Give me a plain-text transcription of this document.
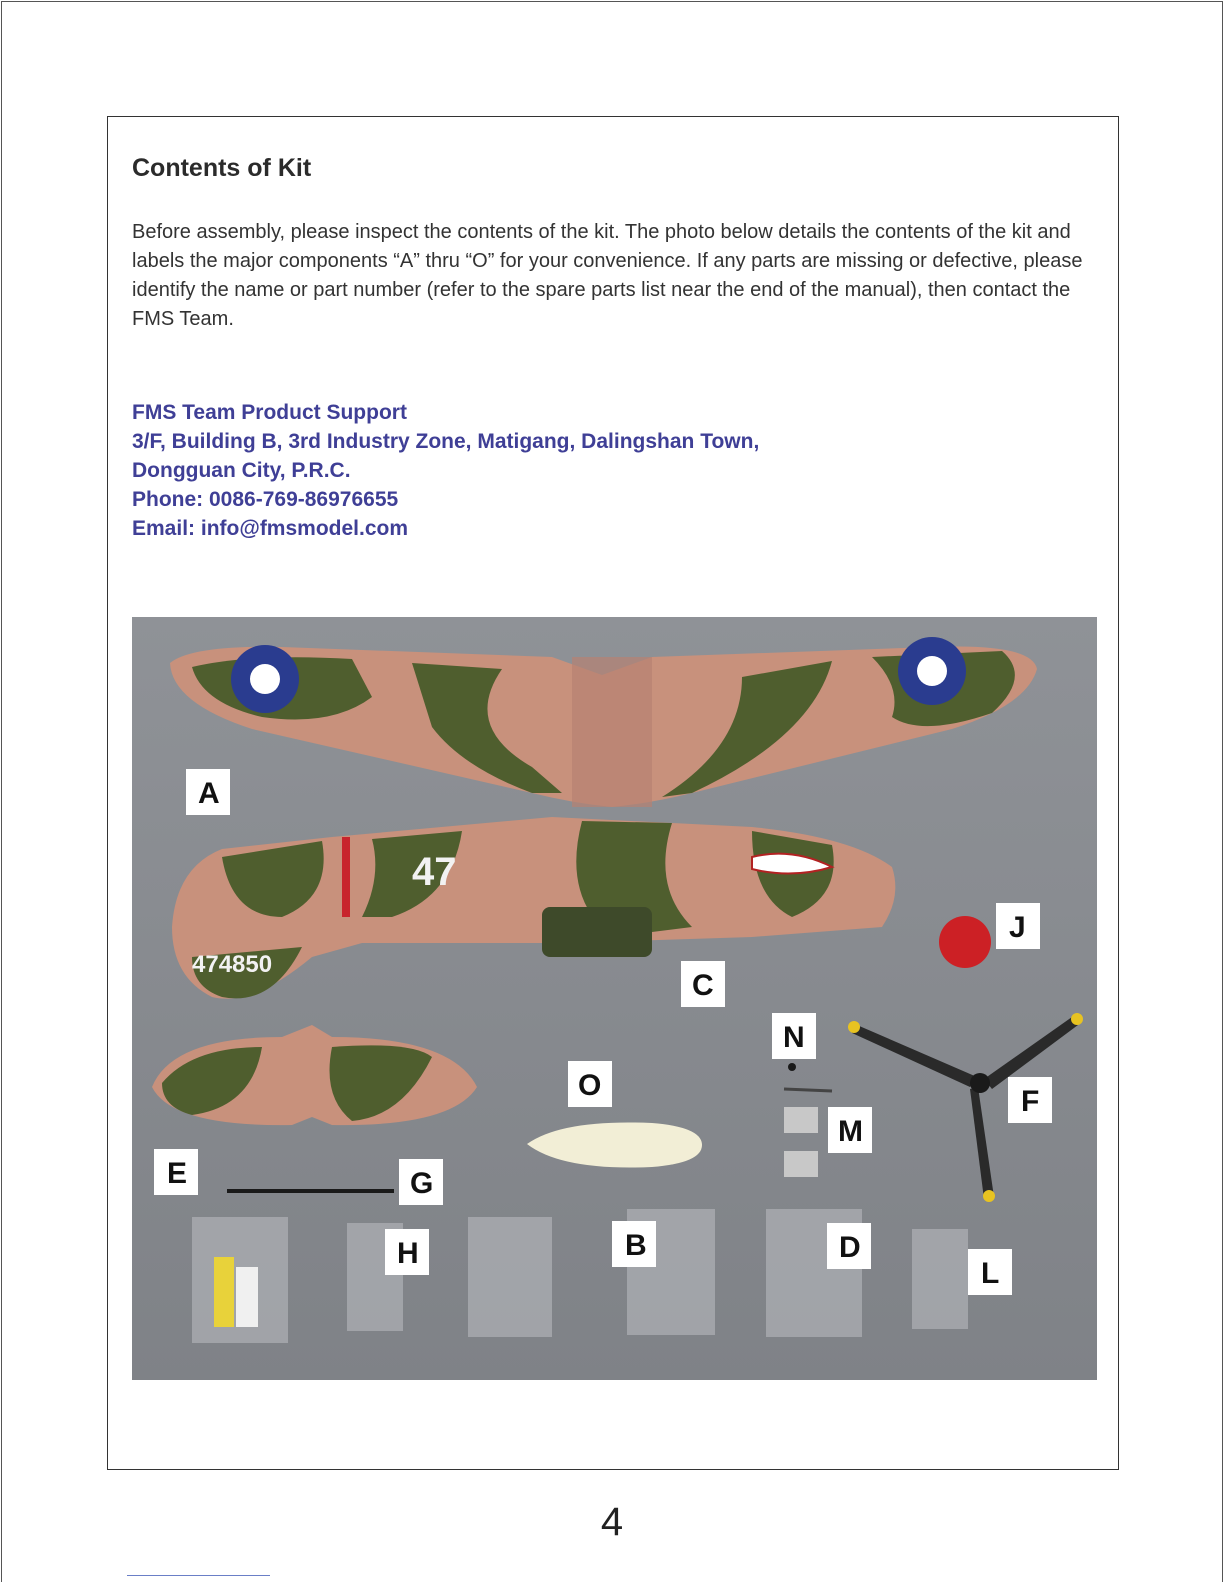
Contents of Kit

Before assembly, please inspect the contents of the kit. The photo below details the contents of the kit and labels the major components “A” thru “O” for your convenience. If any parts are missing or defective, please identify the name or part number (refer to the spare parts list near the end of the manual), then contact the FMS Team.

FMS Team Product Support
3/F, Building B, 3rd Industry Zone, Matigang, Dalingshan Town,
Dongguan City, P.R.C.
Phone: 0086-769-86976655
Email: info@fmsmodel.com
47
474850
A
J
C
N
O	F
M
E	G
B	D
H
L
4
